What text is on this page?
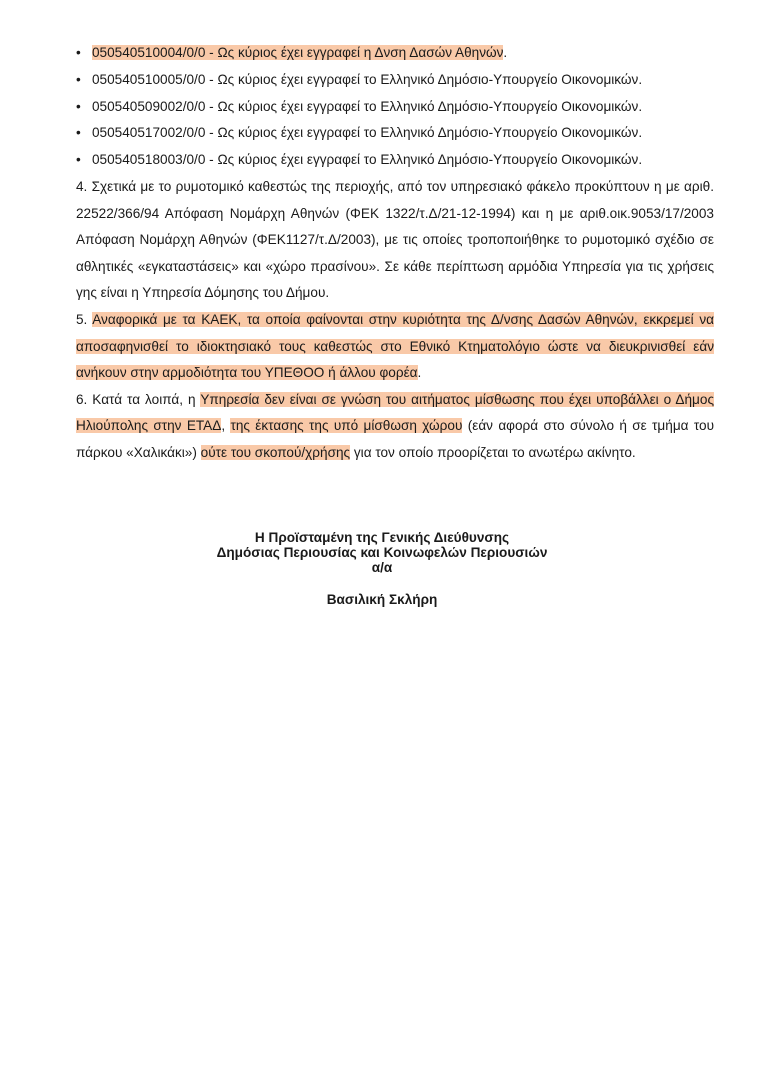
• 050540510004/0/0 - Ως κύριος έχει εγγραφεί η Δνση Δασών Αθηνών.
• 050540510005/0/0 - Ως κύριος έχει εγγραφεί το Ελληνικό Δημόσιο-Υπουργείο Οικονομικών.
• 050540509002/0/0 - Ως κύριος έχει εγγραφεί το Ελληνικό Δημόσιο-Υπουργείο Οικονομικών.
• 050540517002/0/0 - Ως κύριος έχει εγγραφεί το Ελληνικό Δημόσιο-Υπουργείο Οικονομικών.
• 050540518003/0/0 - Ως κύριος έχει εγγραφεί το Ελληνικό Δημόσιο-Υπουργείο Οικονομικών.

4. Σχετικά με το ρυμοτομικό καθεστώς της περιοχής, από τον υπηρεσιακό φάκελο προκύπτουν η με αριθ. 22522/366/94 Απόφαση Νομάρχη Αθηνών (ΦΕΚ 1322/τ.Δ/21-12-1994) και η με αριθ.οικ.9053/17/2003 Απόφαση Νομάρχη Αθηνών (ΦΕΚ1127/τ.Δ/2003), με τις οποίες τροποποιήθηκε το ρυμοτομικό σχέδιο σε αθλητικές «εγκαταστάσεις» και «χώρο πρασίνου». Σε κάθε περίπτωση αρμόδια Υπηρεσία για τις χρήσεις γης είναι η Υπηρεσία Δόμησης του Δήμου.

5. Αναφορικά με τα ΚΑΕΚ, τα οποία φαίνονται στην κυριότητα της Δ/νσης Δασών Αθηνών, εκκρεμεί να αποσαφηνισθεί το ιδιοκτησιακό τους καθεστώς στο Εθνικό Κτηματολόγιο ώστε να διευκρινισθεί εάν ανήκουν στην αρμοδιότητα του ΥΠΕΘΟΟ ή άλλου φορέα.

6. Κατά τα λοιπά, η Υπηρεσία δεν είναι σε γνώση του αιτήματος μίσθωσης που έχει υποβάλλει ο Δήμος Ηλιούπολης στην ΕΤΑΔ, της έκτασης της υπό μίσθωση χώρου (εάν αφορά στο σύνολο ή σε τμήμα του πάρκου «Χαλικάκι») ούτε του σκοπού/χρήσης για τον οποίο προορίζεται το ανωτέρω ακίνητο.

Η Προϊσταμένη της Γενικής Διεύθυνσης
Δημόσιας Περιουσίας και Κοινωφελών Περιουσιών
α/α
Βασιλική Σκλήρη
